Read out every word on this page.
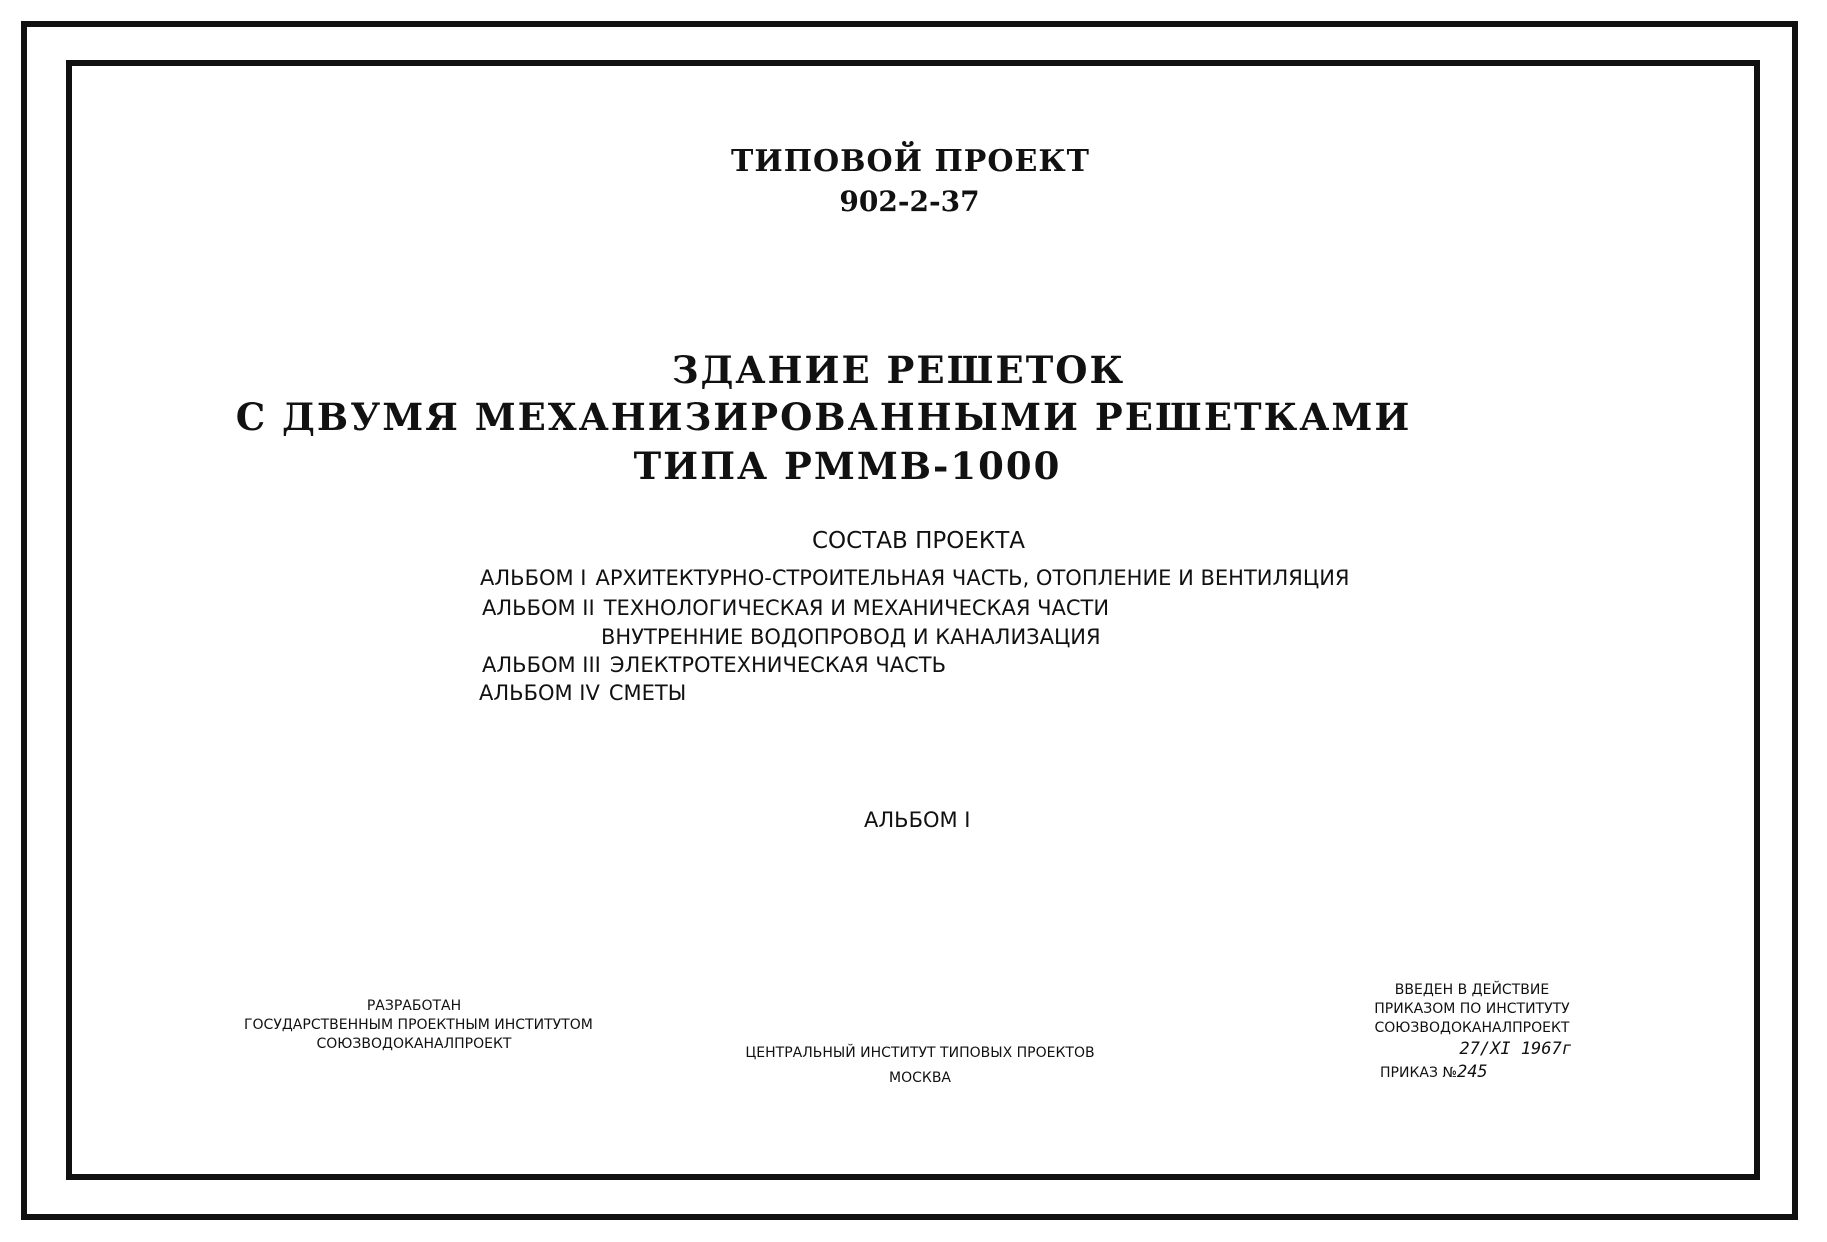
ТИПОВОЙ ПРОЕКТ
902-2-37
ЗДАНИЕ РЕШЕТОК
С ДВУМЯ МЕХАНИЗИРОВАННЫМИ РЕШЕТКАМИ
ТИПА РММВ-1000
СОСТАВ ПРОЕКТА
АЛЬБОМ I АРХИТЕКТУРНО-СТРОИТЕЛЬНАЯ ЧАСТЬ, ОТОПЛЕНИЕ И ВЕНТИЛЯЦИЯ
АЛЬБОМ II ТЕХНОЛОГИЧЕСКАЯ И МЕХАНИЧЕСКАЯ ЧАСТИ
ВНУТРЕННИЕ ВОДОПРОВОД И КАНАЛИЗАЦИЯ
АЛЬБОМ III ЭЛЕКТРОТЕХНИЧЕСКАЯ ЧАСТЬ
АЛЬБОМ IV СМЕТЫ
АЛЬБОМ I
РАЗРАБОТАН
ГОСУДАРСТВЕННЫМ ПРОЕКТНЫМ ИНСТИТУТОМ
СОЮЗВОДОКАНАЛПРОЕКТ
ЦЕНТРАЛЬНЫЙ ИНСТИТУТ ТИПОВЫХ ПРОЕКТОВ
МОСКВА
ВВЕДЕН В ДЕЙСТВИЕ
ПРИКАЗОМ ПО ИНСТИТУТУ
СОЮЗВОДОКАНАЛПРОЕКТ
27/XI 1967г
ПРИКАЗ №245
